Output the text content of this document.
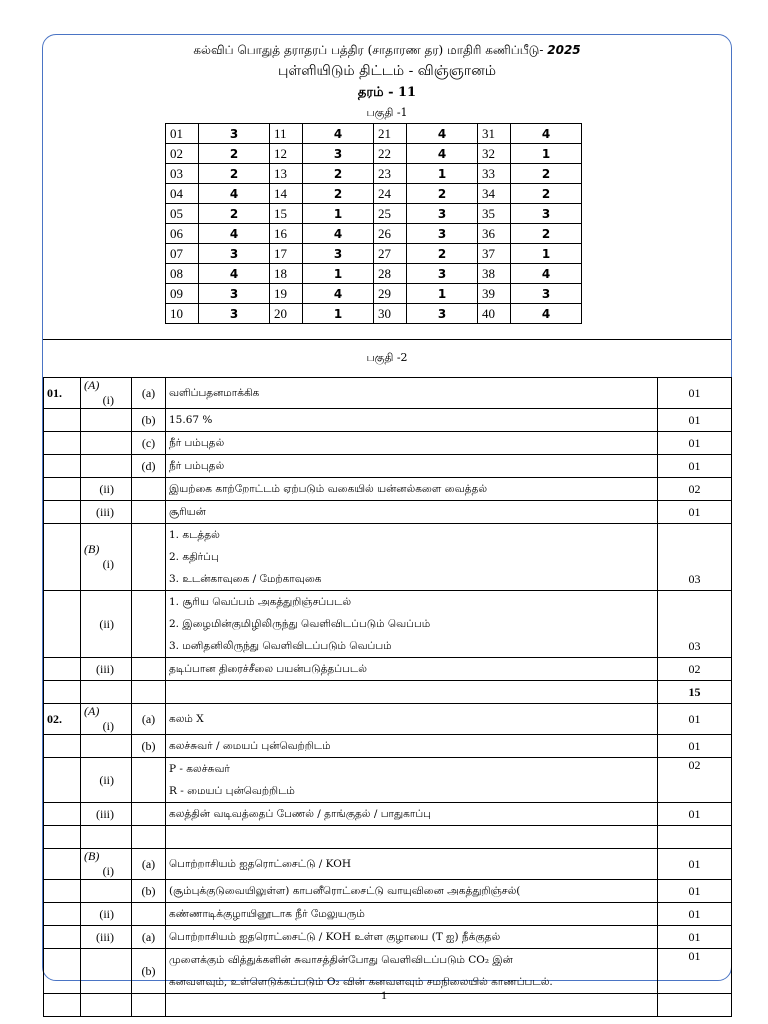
கல்விப் பொதுத் தராதரப் பத்திர (சாதாரண தர) மாதிரி கணிப்பீடு- 2025
புள்ளியிடும் திட்டம் - விஞ்ஞானம்
தரம் - 11
பகுதி -1
01	3	11	4	21	4	31	4
02	2	12	3	22	4	32	1
03	2	13	2	23	1	33	2
04	4	14	2	24	2	34	2
05	2	15	1	25	3	35	3
06	4	16	4	26	3	36	2
07	3	17	3	27	2	37	1
08	4	18	1	28	3	38	4
09	3	19	4	29	1	39	3
10	3	20	1	30	3	40	4
பகுதி -2
01.	(A)(i)	(a)	வளிப்பதனமாக்கிக	01
		(b)	15.67 %	01
		(c)	நீர் பம்புதல்	01
		(d)	நீர் பம்புதல்	01
	(ii)		இயற்கை காற்றோட்டம் ஏற்படும் வகையில் யன்னல்களை வைத்தல்	02
	(iii)		சூரியன்	01
	(B)(i)		1. கடத்தல்
2. கதிர்ப்பு
3. உடன்காவுகை / மேற்காவுகை	03
	(ii)		1. சூரிய வெப்பம் அகத்துறிஞ்சப்படல்
2. இழைமின்குமிழிலிருந்து வெளிவிடப்படும் வெப்பம்
3. மனிதனிலிருந்து வெளிவிடப்படும் வெப்பம்	03
	(iii)		தடிப்பான திரைச்சீலை பயன்படுத்தப்படல்	02

	15
02.	(A)(i)	(a)	கலம் X	01
		(b)	கலச்சுவர் / மையப் புன்வெற்றிடம்	01
	(ii)		P - கலச்சுவர்
R - மையப் புன்வெற்றிடம்	02
	(iii)		கலத்தின் வடிவத்தைப் பேணல் / தாங்குதல் / பாதுகாப்பு	01

	(B)(i)	(a)	பொற்றாசியம் ஐதரொட்சைட்டு / KOH	01
		(b)	(சூம்புக்குடுவையிலுள்ள) காபனீரொட்சைட்டு வாயுவினை அகத்துறிஞ்சல்(	01
	(ii)		கண்ணாடிக்குழாயினூடாக நீர் மேலுயரும்	01
	(iii)	(a)	பொற்றாசியம் ஐதரொட்சைட்டு / KOH உள்ள குழாயை (T ஐ) நீக்குதல்	01
		(b)	முளைக்கும் வித்துக்களின் சுவாசத்தின்போது வெளிவிடப்படும் CO₂ இன்
கனவளவும், உள்ளெடுக்கப்படும் O₂ வின் கனவளவும் சமநிலையில் காணப்படல்.	01

1
